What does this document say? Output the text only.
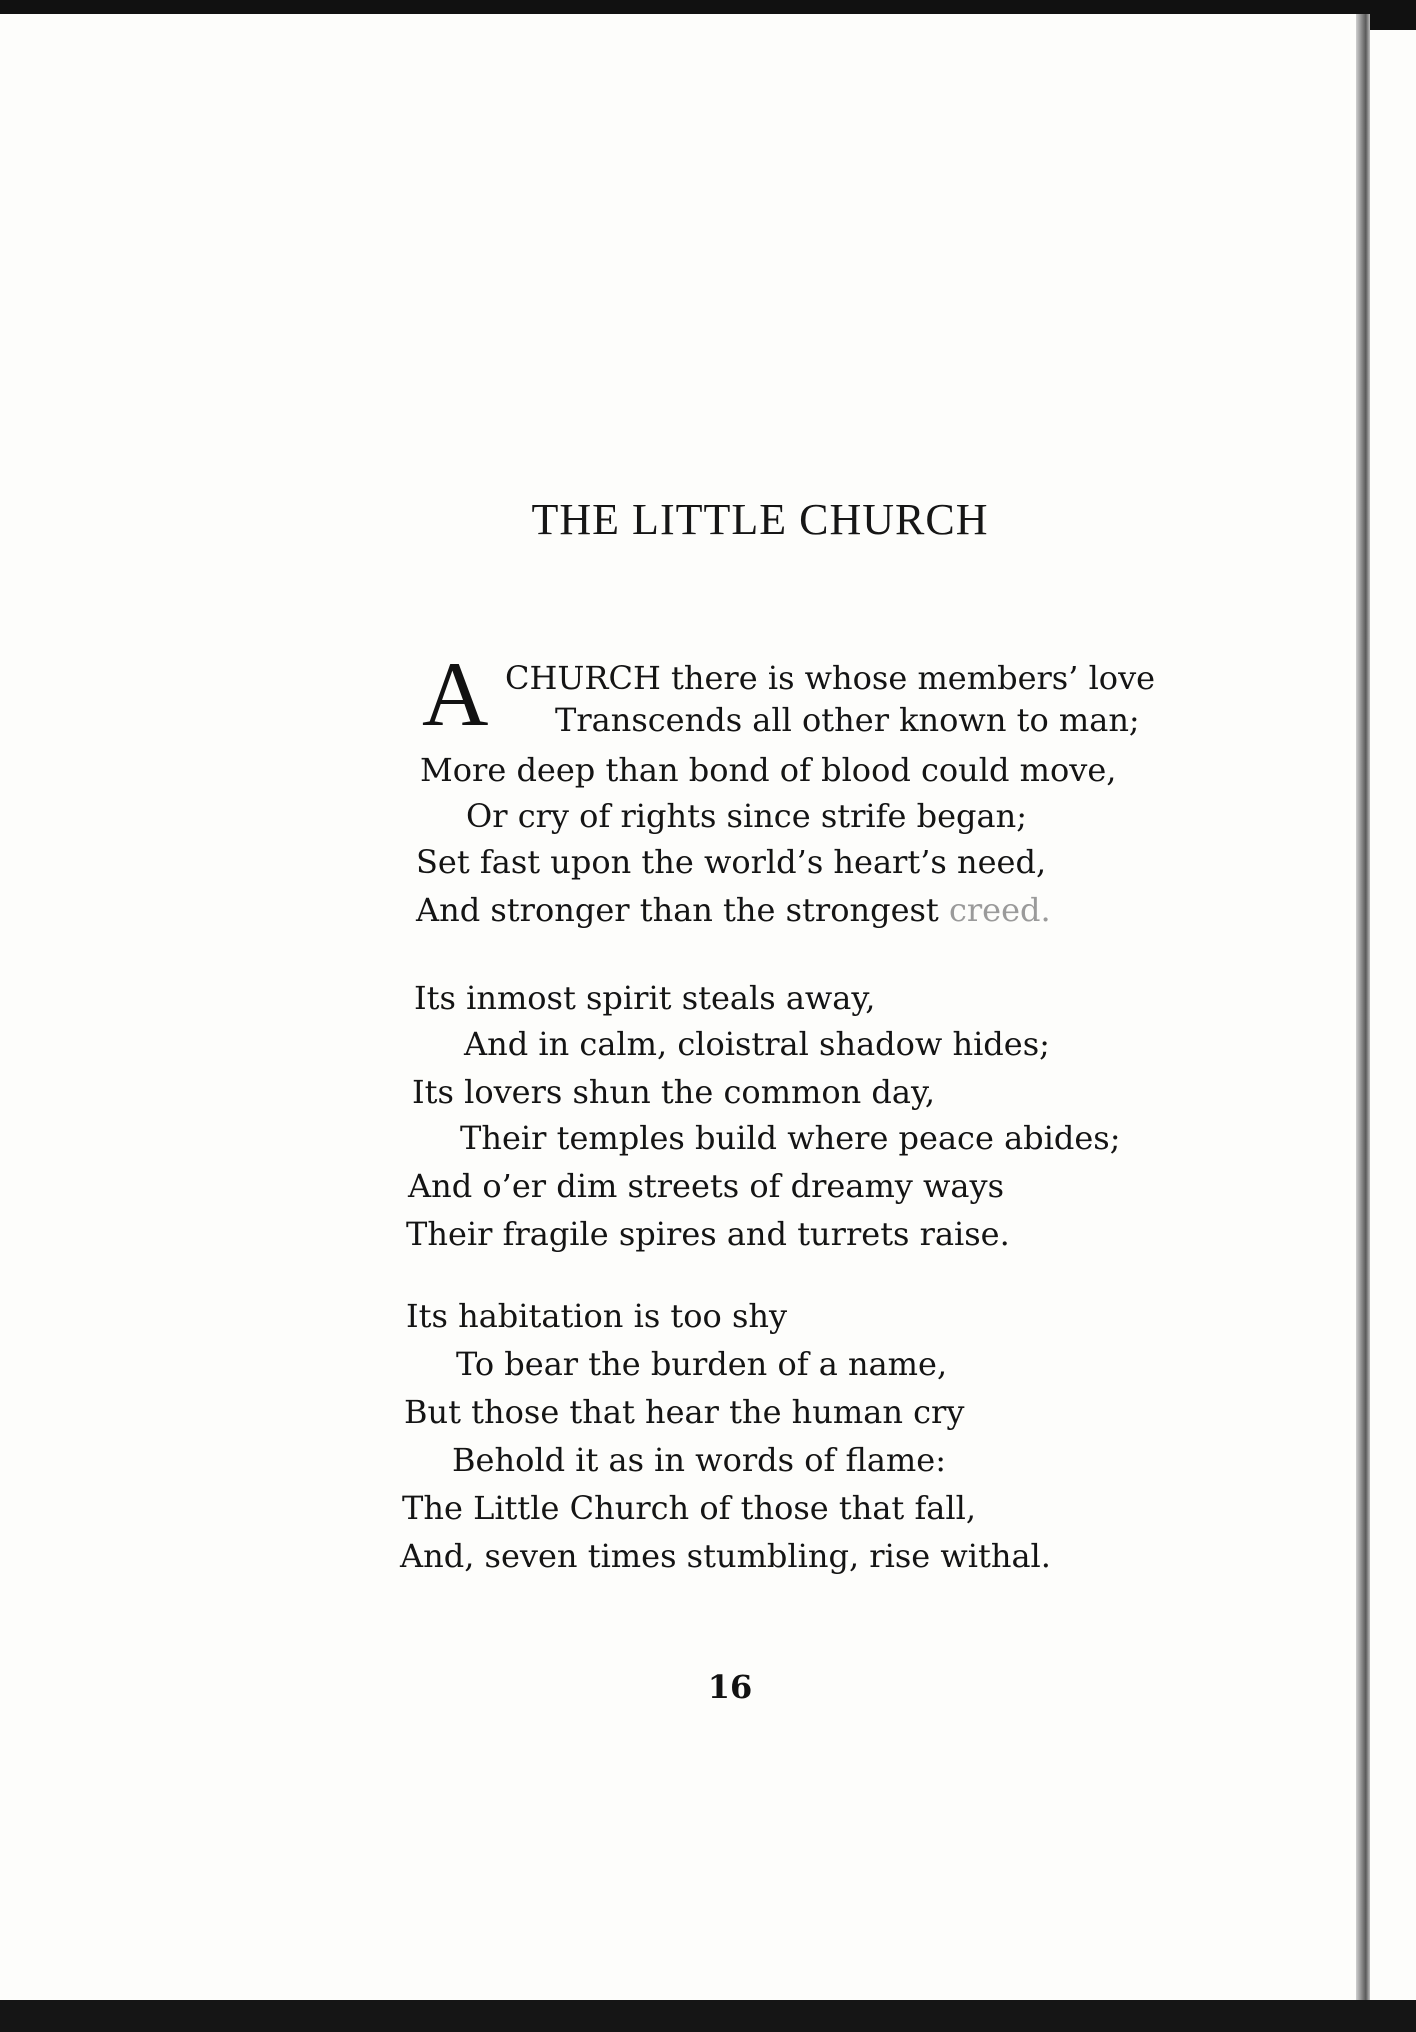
THE LITTLE CHURCH
A CHURCH there is whose members’ love
Transcends all other known to man;
More deep than bond of blood could move,
Or cry of rights since strife began;
Set fast upon the world’s heart’s need,
And stronger than the strongest creed.
Its inmost spirit steals away,
And in calm, cloistral shadow hides;
Its lovers shun the common day,
Their temples build where peace abides;
And o’er dim streets of dreamy ways
Their fragile spires and turrets raise.
Its habitation is too shy
To bear the burden of a name,
But those that hear the human cry
Behold it as in words of flame:
The Little Church of those that fall,
And, seven times stumbling, rise withal.
16
